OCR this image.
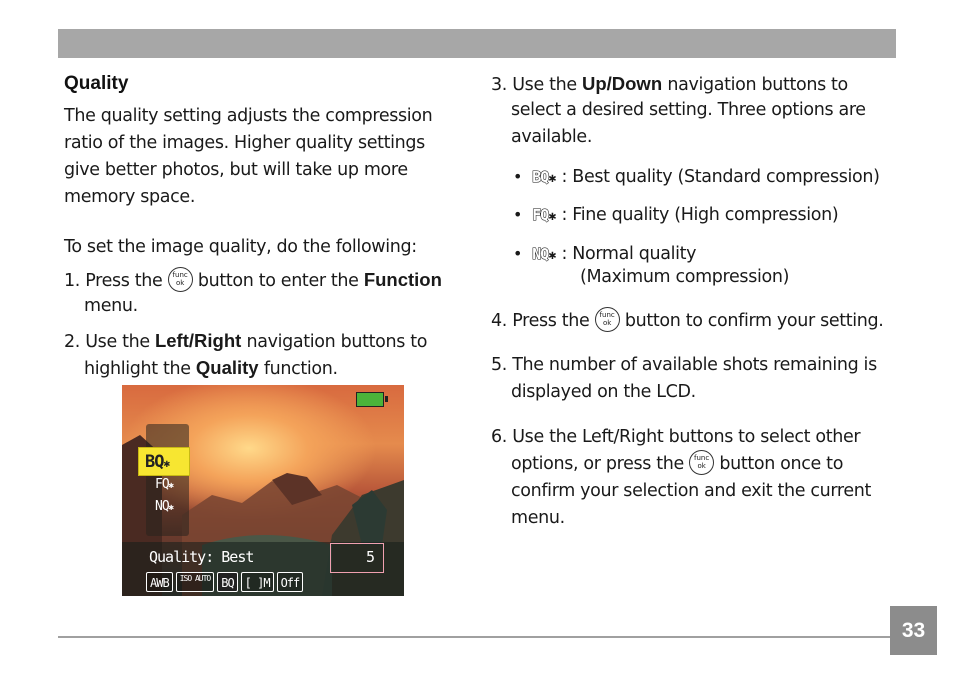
Quality
The quality setting adjusts the compression
ratio of the images. Higher quality settings
give better photos, but will take up more
memory space.
To set the image quality, do the following:
1. Press the func
ok button to enter the Function
menu.
2. Use the Left/Right navigation buttons to
highlight the Quality function.
BQ✱
FQ✱
NQ✱
Quality: Best	5
AWB	ISO AUTO BQ [ ]M Off
3. Use the Up/Down navigation buttons to
select a desired setting. Three options are
available.
• BQ✱ : Best quality (Standard compression)
• FQ✱ : Fine quality (High compression)
• NQ✱ : Normal quality
(Maximum compression)
4. Press the func
ok button to confirm your setting.
5. The number of available shots remaining is
displayed on the LCD.
6. Use the Left/Right buttons to select other
options, or press the func
ok button once to
confirm your selection and exit the current
menu.
33
